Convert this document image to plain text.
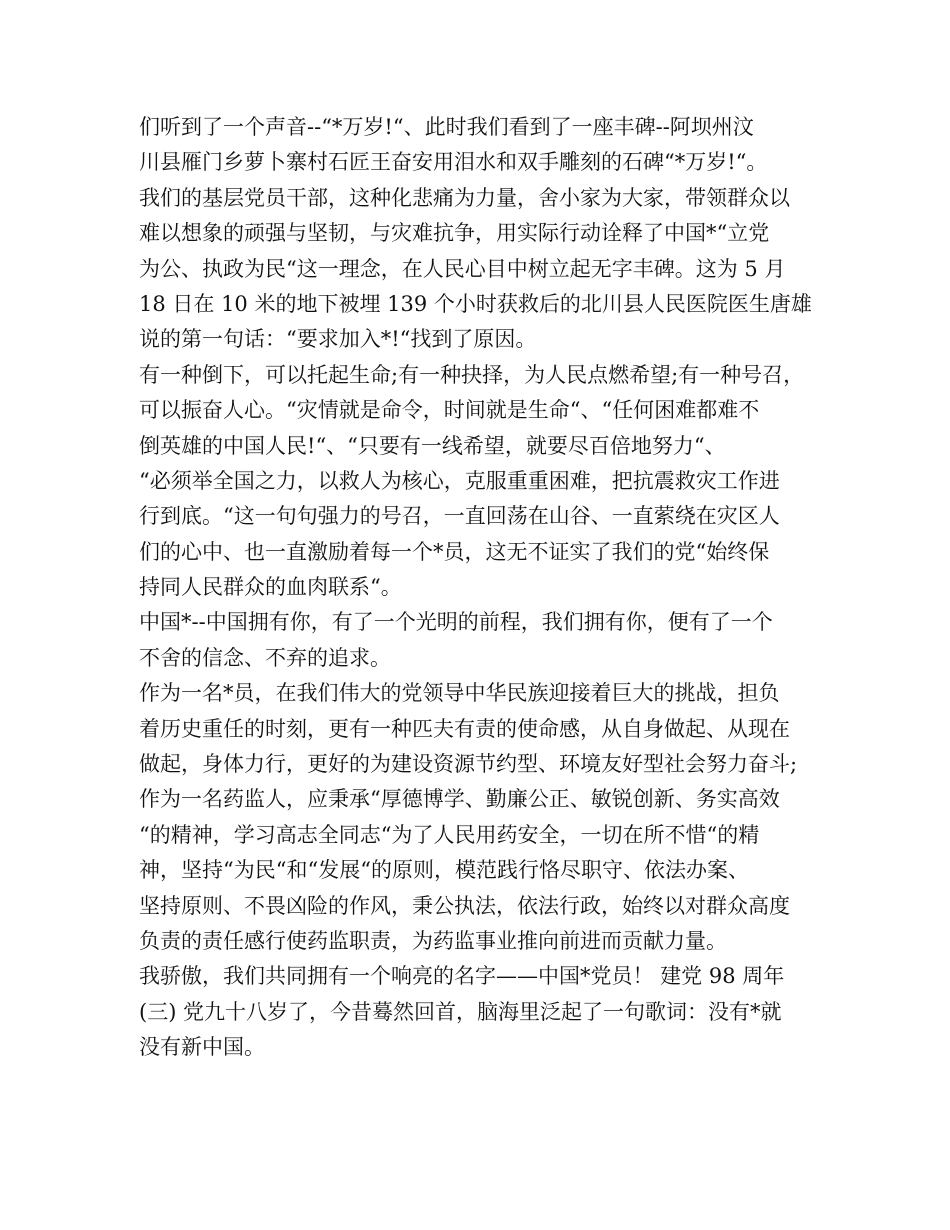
们听到了一个声音--“*万岁!“、此时我们看到了一座丰碑--阿坝州汶
川县雁门乡萝卜寨村石匠王奋安用泪水和双手雕刻的石碑“*万岁!“。
我们的基层党员干部，这种化悲痛为力量，舍小家为大家，带领群众以
难以想象的顽强与坚韧，与灾难抗争，用实际行动诠释了中国*“立党
为公、执政为民“这一理念，在人民心目中树立起无字丰碑。这为 5 月
18 日在 10 米的地下被埋 139 个小时获救后的北川县人民医院医生唐雄
说的第一句话：“要求加入*!“找到了原因。
有一种倒下，可以托起生命;有一种抉择，为人民点燃希望;有一种号召，
可以振奋人心。“灾情就是命令，时间就是生命“、“任何困难都难不
倒英雄的中国人民!“、“只要有一线希望，就要尽百倍地努力“、
“必须举全国之力，以救人为核心，克服重重困难，把抗震救灾工作进
行到底。“这一句句强力的号召，一直回荡在山谷、一直萦绕在灾区人
们的心中、也一直激励着每一个*员，这无不证实了我们的党“始终保
持同人民群众的血肉联系“。
中国*--中国拥有你，有了一个光明的前程，我们拥有你，便有了一个
不舍的信念、不弃的追求。
作为一名*员，在我们伟大的党领导中华民族迎接着巨大的挑战，担负
着历史重任的时刻，更有一种匹夫有责的使命感，从自身做起、从现在
做起，身体力行，更好的为建设资源节约型、环境友好型社会努力奋斗;
作为一名药监人，应秉承“厚德博学、勤廉公正、敏锐创新、务实高效
“的精神，学习高志全同志“为了人民用药安全，一切在所不惜“的精
神，坚持“为民“和“发展“的原则，模范践行恪尽职守、依法办案、
坚持原则、不畏凶险的作风，秉公执法，依法行政，始终以对群众高度
负责的责任感行使药监职责，为药监事业推向前进而贡献力量。
我骄傲，我们共同拥有一个响亮的名字——中国*党员！ 建党 98 周年
(三) 党九十八岁了，今昔蓦然回首，脑海里泛起了一句歌词：没有*就
没有新中国。
